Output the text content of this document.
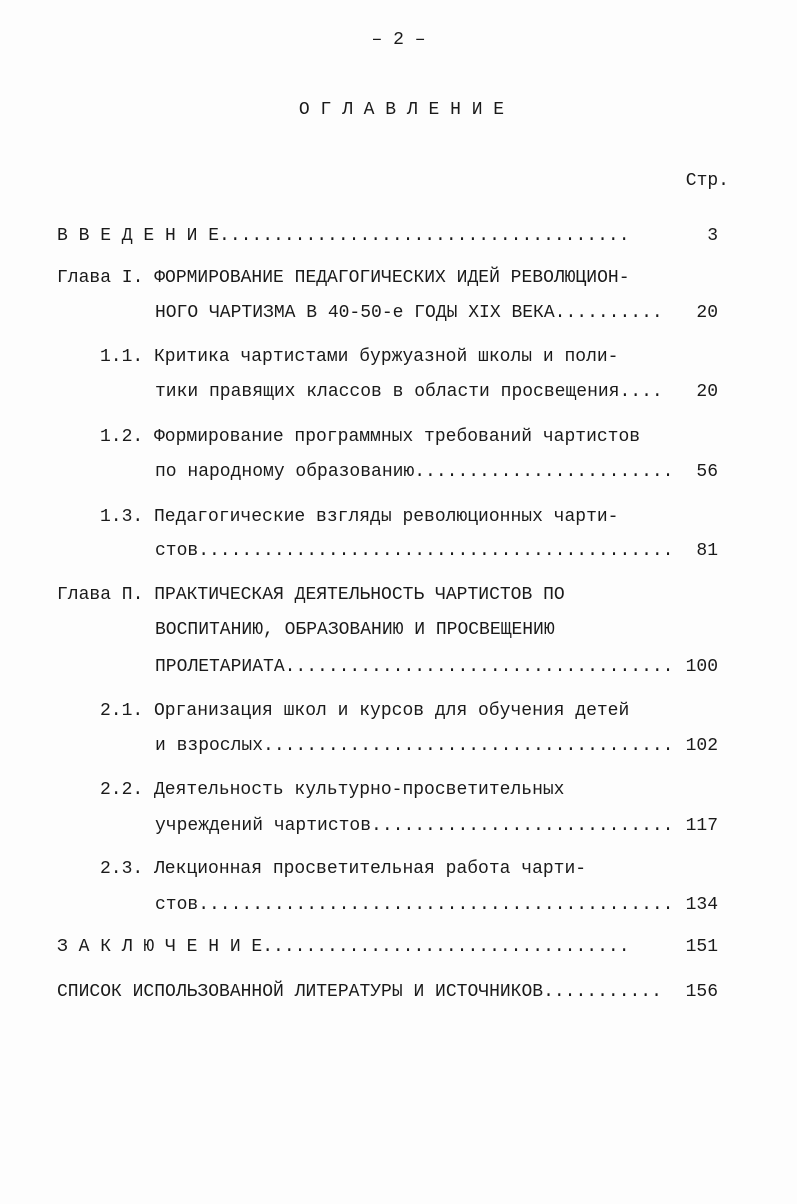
– 2 –
О Г Л А В Л Е Н И Е
Стр.
В В Е Д Е Н И Е......................................	3
Глава I. ФОРМИРОВАНИЕ ПЕДАГОГИЧЕСКИХ ИДЕЙ РЕВОЛЮЦИОН-
НОГО ЧАРТИЗМА В 40-50-е ГОДЫ XIX ВЕКА.......... 20
1.1. Критика чартистами буржуазной школы и поли-
тики правящих классов в области просвещения.... 20
1.2. Формирование программных требований чартистов
по народному образованию........................ 56
1.3. Педагогические взгляды революционных чарти-
стов............................................ 81
Глава П. ПРАКТИЧЕСКАЯ ДЕЯТЕЛЬНОСТЬ ЧАРТИСТОВ ПО
ВОСПИТАНИЮ, ОБРАЗОВАНИЮ И ПРОСВЕЩЕНИЮ
ПРОЛЕТАРИАТА.................................... 100
2.1. Организация школ и курсов для обучения детей
и взрослых...................................... 102
2.2. Деятельность культурно-просветительных
учреждений чартистов............................ 117
2.3. Лекционная просветительная работа чарти-
стов............................................ 134
З А К Л Ю Ч Е Н И Е..................................	151
СПИСОК ИСПОЛЬЗОВАННОЙ ЛИТЕРАТУРЫ И ИСТОЧНИКОВ........... 156
